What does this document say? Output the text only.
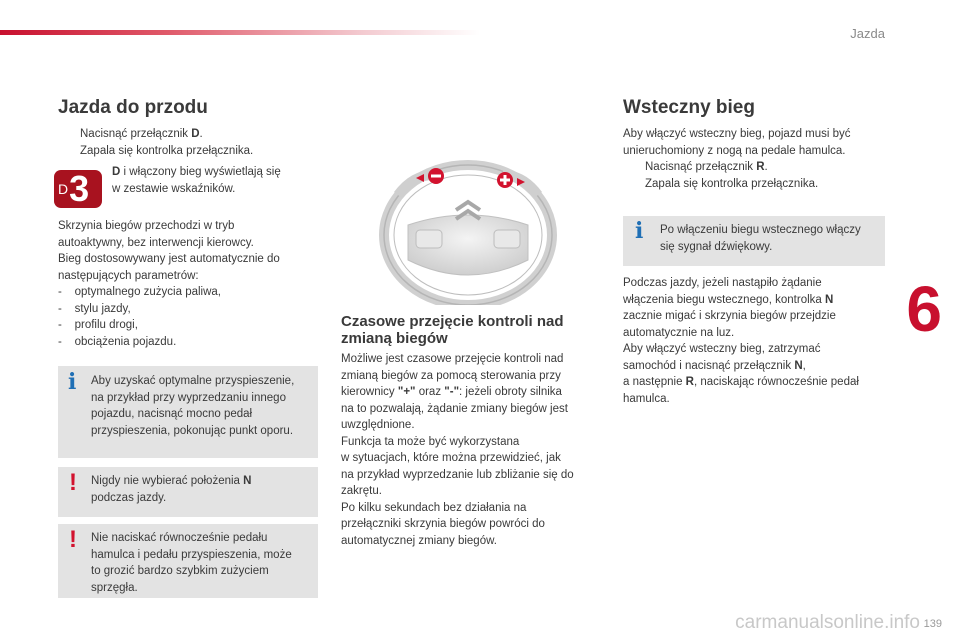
Jazda
Jazda do przodu
Nacisnąć przełącznik D.
Zapala się kontrolka przełącznika.
D 3 D i włączony bieg wyświetlają się
w zestawie wskaźników.
Skrzynia biegów przechodzi w tryb
autoaktywny, bez interwencji kierowcy.
Bieg dostosowywany jest automatycznie do
następujących parametrów:
-    optymalnego zużycia paliwa,
-    stylu jazdy,
-    profilu drogi,
-    obciążenia pojazdu.
i Aby uzyskać optymalne przyspieszenie,
na przykład przy wyprzedzaniu innego
pojazdu, nacisnąć mocno pedał
przyspieszenia, pokonując punkt oporu.
! Nigdy nie wybierać położenia N
podczas jazdy.
! Nie naciskać równocześnie pedału
hamulca i pedału przyspieszenia, może
to grozić bardzo szybkim zużyciem
sprzęgła.
Czasowe przejęcie kontroli nad
zmianą biegów
Możliwe jest czasowe przejęcie kontroli nad
zmianą biegów za pomocą sterowania przy
kierownicy "+" oraz "-": jeżeli obroty silnika
na to pozwalają, żądanie zmiany biegów jest
uwzględnione.
Funkcja ta może być wykorzystana
w sytuacjach, które można przewidzieć, jak
na przykład wyprzedzanie lub zbliżanie się do
zakrętu.
Po kilku sekundach bez działania na
przełączniki skrzynia biegów powróci do
automatycznej zmiany biegów.
Wsteczny bieg
Aby włączyć wsteczny bieg, pojazd musi być
unieruchomiony z nogą na pedale hamulca.
Nacisnąć przełącznik R.
Zapala się kontrolka przełącznika.
i Po włączeniu biegu wstecznego włączy
się sygnał dźwiękowy.
Podczas jazdy, jeżeli nastąpiło żądanie
włączenia biegu wstecznego, kontrolka N
zacznie migać i skrzynia biegów przejdzie
automatycznie na luz.
Aby włączyć wsteczny bieg, zatrzymać
samochód i nacisnąć przełącznik N,
a następnie R, naciskając równocześnie pedał
hamulca.
6
carmanualsonline.info 139
